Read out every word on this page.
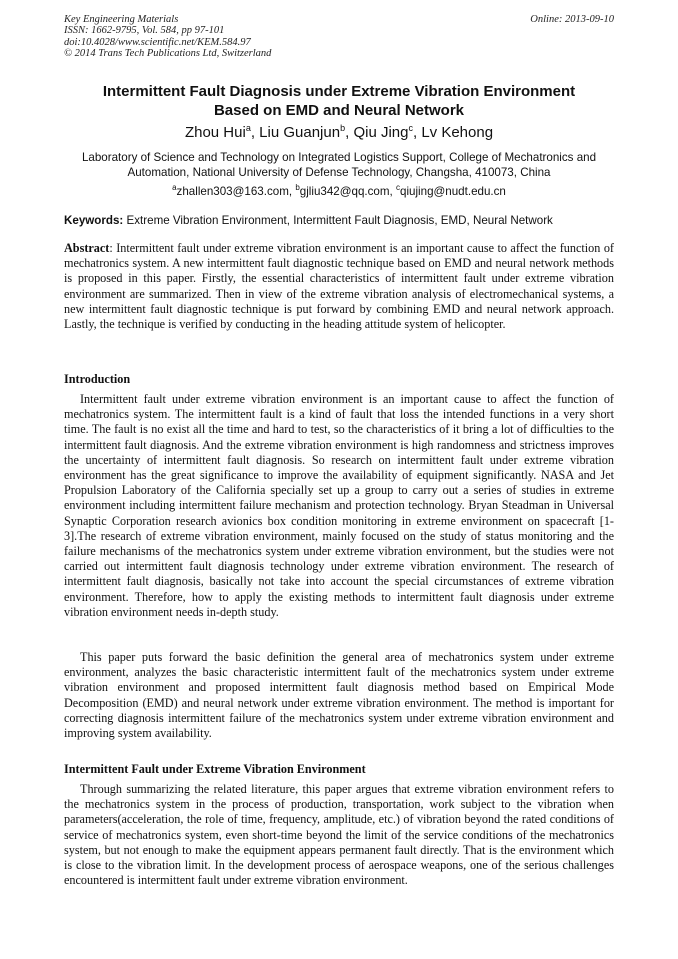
Key Engineering Materials
ISSN: 1662-9795, Vol. 584, pp 97-101
doi:10.4028/www.scientific.net/KEM.584.97
© 2014 Trans Tech Publications Ltd, Switzerland
Online: 2013-09-10
Intermittent Fault Diagnosis under Extreme Vibration Environment
Based on EMD and Neural Network
Zhou Hui$^a$, Liu Guanjun$^b$, Qiu Jing$^c$, Lv Kehong
Laboratory of Science and Technology on Integrated Logistics Support, College of Mechatronics and
Automation, National University of Defense Technology, Changsha, 410073, China
$^a$zhallen303@163.com, $^b$gjliu342@qq.com, $^c$qiujing@nudt.edu.cn
Keywords: Extreme Vibration Environment, Intermittent Fault Diagnosis, EMD, Neural Network
Abstract: Intermittent fault under extreme vibration environment is an important cause to affect the function of mechatronics system. A new intermittent fault diagnostic technique based on EMD and neural network methods is proposed in this paper. Firstly, the essential characteristics of intermittent fault under extreme vibration environment are summarized. Then in view of the extreme vibration analysis of electromechanical systems, a new intermittent fault diagnostic technique is put forward by combining EMD and neural network approach. Lastly, the technique is verified by conducting in the heading attitude system of helicopter.
Introduction
Intermittent fault under extreme vibration environment is an important cause to affect the function of mechatronics system. The intermittent fault is a kind of fault that loss the intended functions in a very short time. The fault is no exist all the time and hard to test, so the characteristics of it bring a lot of difficulties to the intermittent fault diagnosis. And the extreme vibration environment is high randomness and strictness improves the uncertainty of intermittent fault diagnosis. So research on intermittent fault under extreme vibration environment has the great significance to improve the availability of equipment significantly. NASA and Jet Propulsion Laboratory of the California specially set up a group to carry out a series of studies in extreme environment including intermittent failure mechanism and protection technology. Bryan Steadman in Universal Synaptic Corporation research avionics box condition monitoring in extreme environment on spacecraft [1-3].The research of extreme vibration environment, mainly focused on the study of status monitoring and the failure mechanisms of the mechatronics system under extreme vibration environment, but the studies were not carried out intermittent fault diagnosis technology under extreme vibration environment. The research of intermittent fault diagnosis, basically not take into account the special circumstances of extreme vibration environment. Therefore, how to apply the existing methods to intermittent fault diagnosis under extreme vibration environment needs in-depth study.
This paper puts forward the basic definition the general area of mechatronics system under extreme environment, analyzes the basic characteristic intermittent fault of the mechatronics system under extreme vibration environment and proposed intermittent fault diagnosis method based on Empirical Mode Decomposition (EMD) and neural network under extreme vibration environment. The method is important for correcting diagnosis intermittent failure of the mechatronics system under extreme vibration environment and improving system availability.
Intermittent Fault under Extreme Vibration Environment
Through summarizing the related literature, this paper argues that extreme vibration environment refers to the mechatronics system in the process of production, transportation, work subject to the vibration when parameters(acceleration, the role of time, frequency, amplitude, etc.) of vibration beyond the rated conditions of service of mechatronics system, even short-time beyond the limit of the service conditions of the mechatronics system, but not enough to make the equipment appears permanent fault directly. That is the environment which is close to the vibration limit. In the development process of aerospace weapons, one of the serious challenges encountered is intermittent fault under extreme vibration environment.
